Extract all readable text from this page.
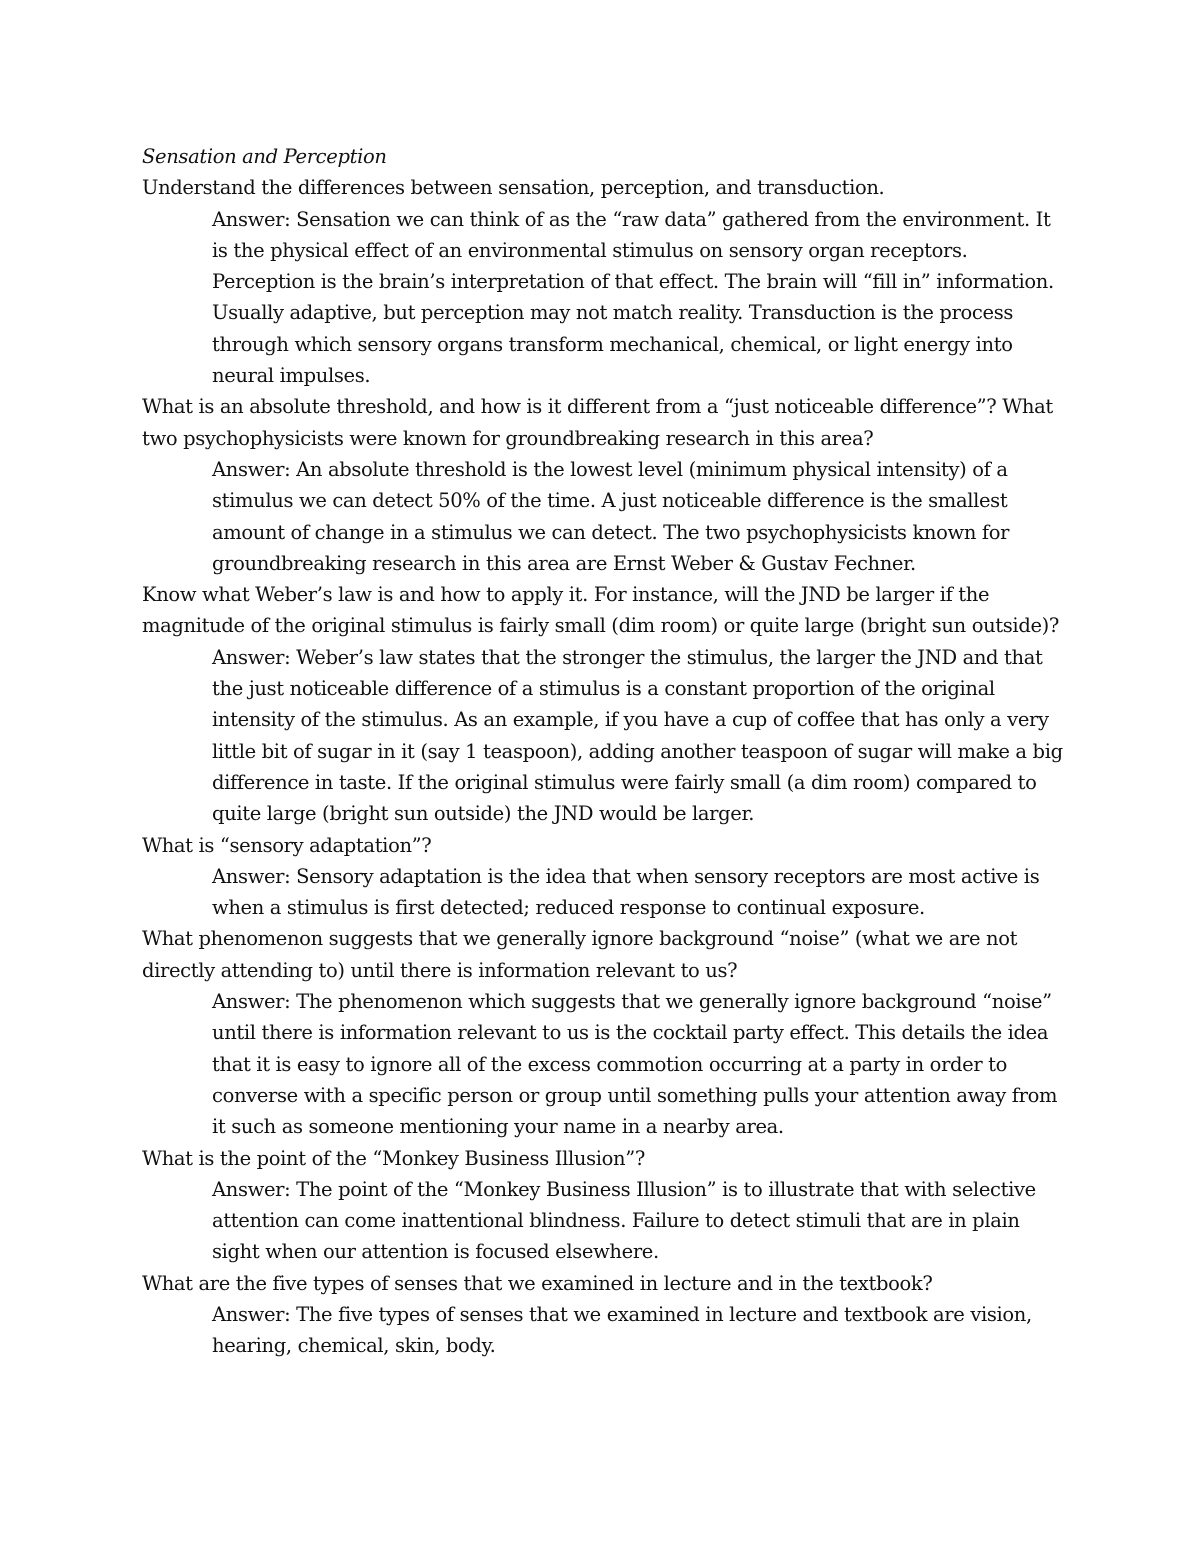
Sensation and Perception

Understand the differences between sensation, perception, and transduction.

Answer: Sensation we can think of as the “raw data” gathered from the environment. It is the physical effect of an environmental stimulus on sensory organ receptors. Perception is the brain’s interpretation of that effect. The brain will “fill in” information. Usually adaptive, but perception may not match reality. Transduction is the process through which sensory organs transform mechanical, chemical, or light energy into neural impulses.

What is an absolute threshold, and how is it different from a “just noticeable difference”? What two psychophysicists were known for groundbreaking research in this area?

Answer: An absolute threshold is the lowest level (minimum physical intensity) of a stimulus we can detect 50% of the time. A just noticeable difference is the smallest amount of change in a stimulus we can detect. The two psychophysicists known for groundbreaking research in this area are Ernst Weber & Gustav Fechner.

Know what Weber’s law is and how to apply it. For instance, will the JND be larger if the magnitude of the original stimulus is fairly small (dim room) or quite large (bright sun outside)?

Answer: Weber’s law states that the stronger the stimulus, the larger the JND and that the just noticeable difference of a stimulus is a constant proportion of the original intensity of the stimulus. As an example, if you have a cup of coffee that has only a very little bit of sugar in it (say 1 teaspoon), adding another teaspoon of sugar will make a big difference in taste. If the original stimulus were fairly small (a dim room) compared to quite large (bright sun outside) the JND would be larger.

What is “sensory adaptation”?

Answer: Sensory adaptation is the idea that when sensory receptors are most active is when a stimulus is first detected; reduced response to continual exposure.

What phenomenon suggests that we generally ignore background “noise” (what we are not directly attending to) until there is information relevant to us?

Answer: The phenomenon which suggests that we generally ignore background “noise” until there is information relevant to us is the cocktail party effect. This details the idea that it is easy to ignore all of the excess commotion occurring at a party in order to converse with a specific person or group until something pulls your attention away from it such as someone mentioning your name in a nearby area.

What is the point of the “Monkey Business Illusion”?

Answer: The point of the “Monkey Business Illusion” is to illustrate that with selective attention can come inattentional blindness. Failure to detect stimuli that are in plain sight when our attention is focused elsewhere.

What are the five types of senses that we examined in lecture and in the textbook?

Answer: The five types of senses that we examined in lecture and textbook are vision, hearing, chemical, skin, body.
